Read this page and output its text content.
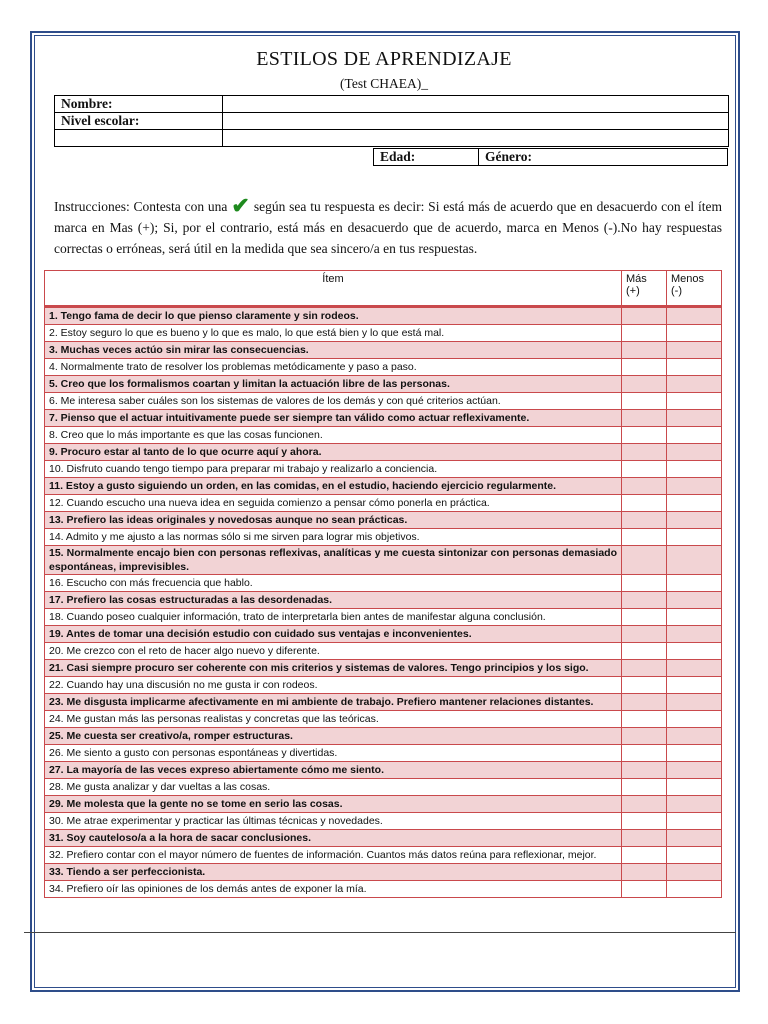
ESTILOS DE APRENDIZAJE
(Test CHAEA)_
Nombre:	
Nivel escolar:	

Edad:	Género:
Instrucciones: Contesta con una ✔ según sea tu respuesta es decir: Si está más de acuerdo que en desacuerdo con el ítem marca en Mas (+); Si, por el contrario, está más en desacuerdo que de acuerdo, marca en Menos (-).No hay respuestas correctas o erróneas, será útil en la medida que sea sincero/a en tus respuestas.
Ítem	Más (+)	Menos (-)
1. Tengo fama de decir lo que pienso claramente y sin rodeos.		
2. Estoy seguro lo que es bueno y lo que es malo, lo que está bien y lo que está mal.		
3. Muchas veces actúo sin mirar las consecuencias.		
4. Normalmente trato de resolver los problemas metódicamente y paso a paso.		
5. Creo que los formalismos coartan y limitan la actuación libre de las personas.		
6. Me interesa saber cuáles son los sistemas de valores de los demás y con qué criterios actúan.		
7. Pienso que el actuar intuitivamente puede ser siempre tan válido como actuar reflexivamente.		
8. Creo que lo más importante es que las cosas funcionen.		
9. Procuro estar al tanto de lo que ocurre aquí y ahora.		
10. Disfruto cuando tengo tiempo para preparar mi trabajo y realizarlo a conciencia.		
11. Estoy a gusto siguiendo un orden, en las comidas, en el estudio, haciendo ejercicio regularmente.		
12. Cuando escucho una nueva idea en seguida comienzo a pensar cómo ponerla en práctica.		
13. Prefiero las ideas originales y novedosas aunque no sean prácticas.		
14. Admito y me ajusto a las normas sólo si me sirven para lograr mis objetivos.		
15. Normalmente encajo bien con personas reflexivas, analíticas y me cuesta sintonizar con personas demasiado espontáneas, imprevisibles.		
16. Escucho con más frecuencia que hablo.		
17. Prefiero las cosas estructuradas a las desordenadas.		
18. Cuando poseo cualquier información, trato de interpretarla bien antes de manifestar alguna conclusión.		
19. Antes de tomar una decisión estudio con cuidado sus ventajas e inconvenientes.		
20. Me crezco con el reto de hacer algo nuevo y diferente.		
21. Casi siempre procuro ser coherente con mis criterios y sistemas de valores. Tengo principios y los sigo.		
22. Cuando hay una discusión no me gusta ir con rodeos.		
23. Me disgusta implicarme afectivamente en mi ambiente de trabajo. Prefiero mantener relaciones distantes.		
24. Me gustan más las personas realistas y concretas que las teóricas.		
25. Me cuesta ser creativo/a, romper estructuras.		
26. Me siento a gusto con personas espontáneas y divertidas.		
27. La mayoría de las veces expreso abiertamente cómo me siento.		
28. Me gusta analizar y dar vueltas a las cosas.		
29. Me molesta que la gente no se tome en serio las cosas.		
30. Me atrae experimentar y practicar las últimas técnicas y novedades.		
31. Soy cauteloso/a a la hora de sacar conclusiones.		
32. Prefiero contar con el mayor número de fuentes de información. Cuantos más datos reúna para reflexionar, mejor.		
33. Tiendo a ser perfeccionista.		
34. Prefiero oír las opiniones de los demás antes de exponer la mía.		
